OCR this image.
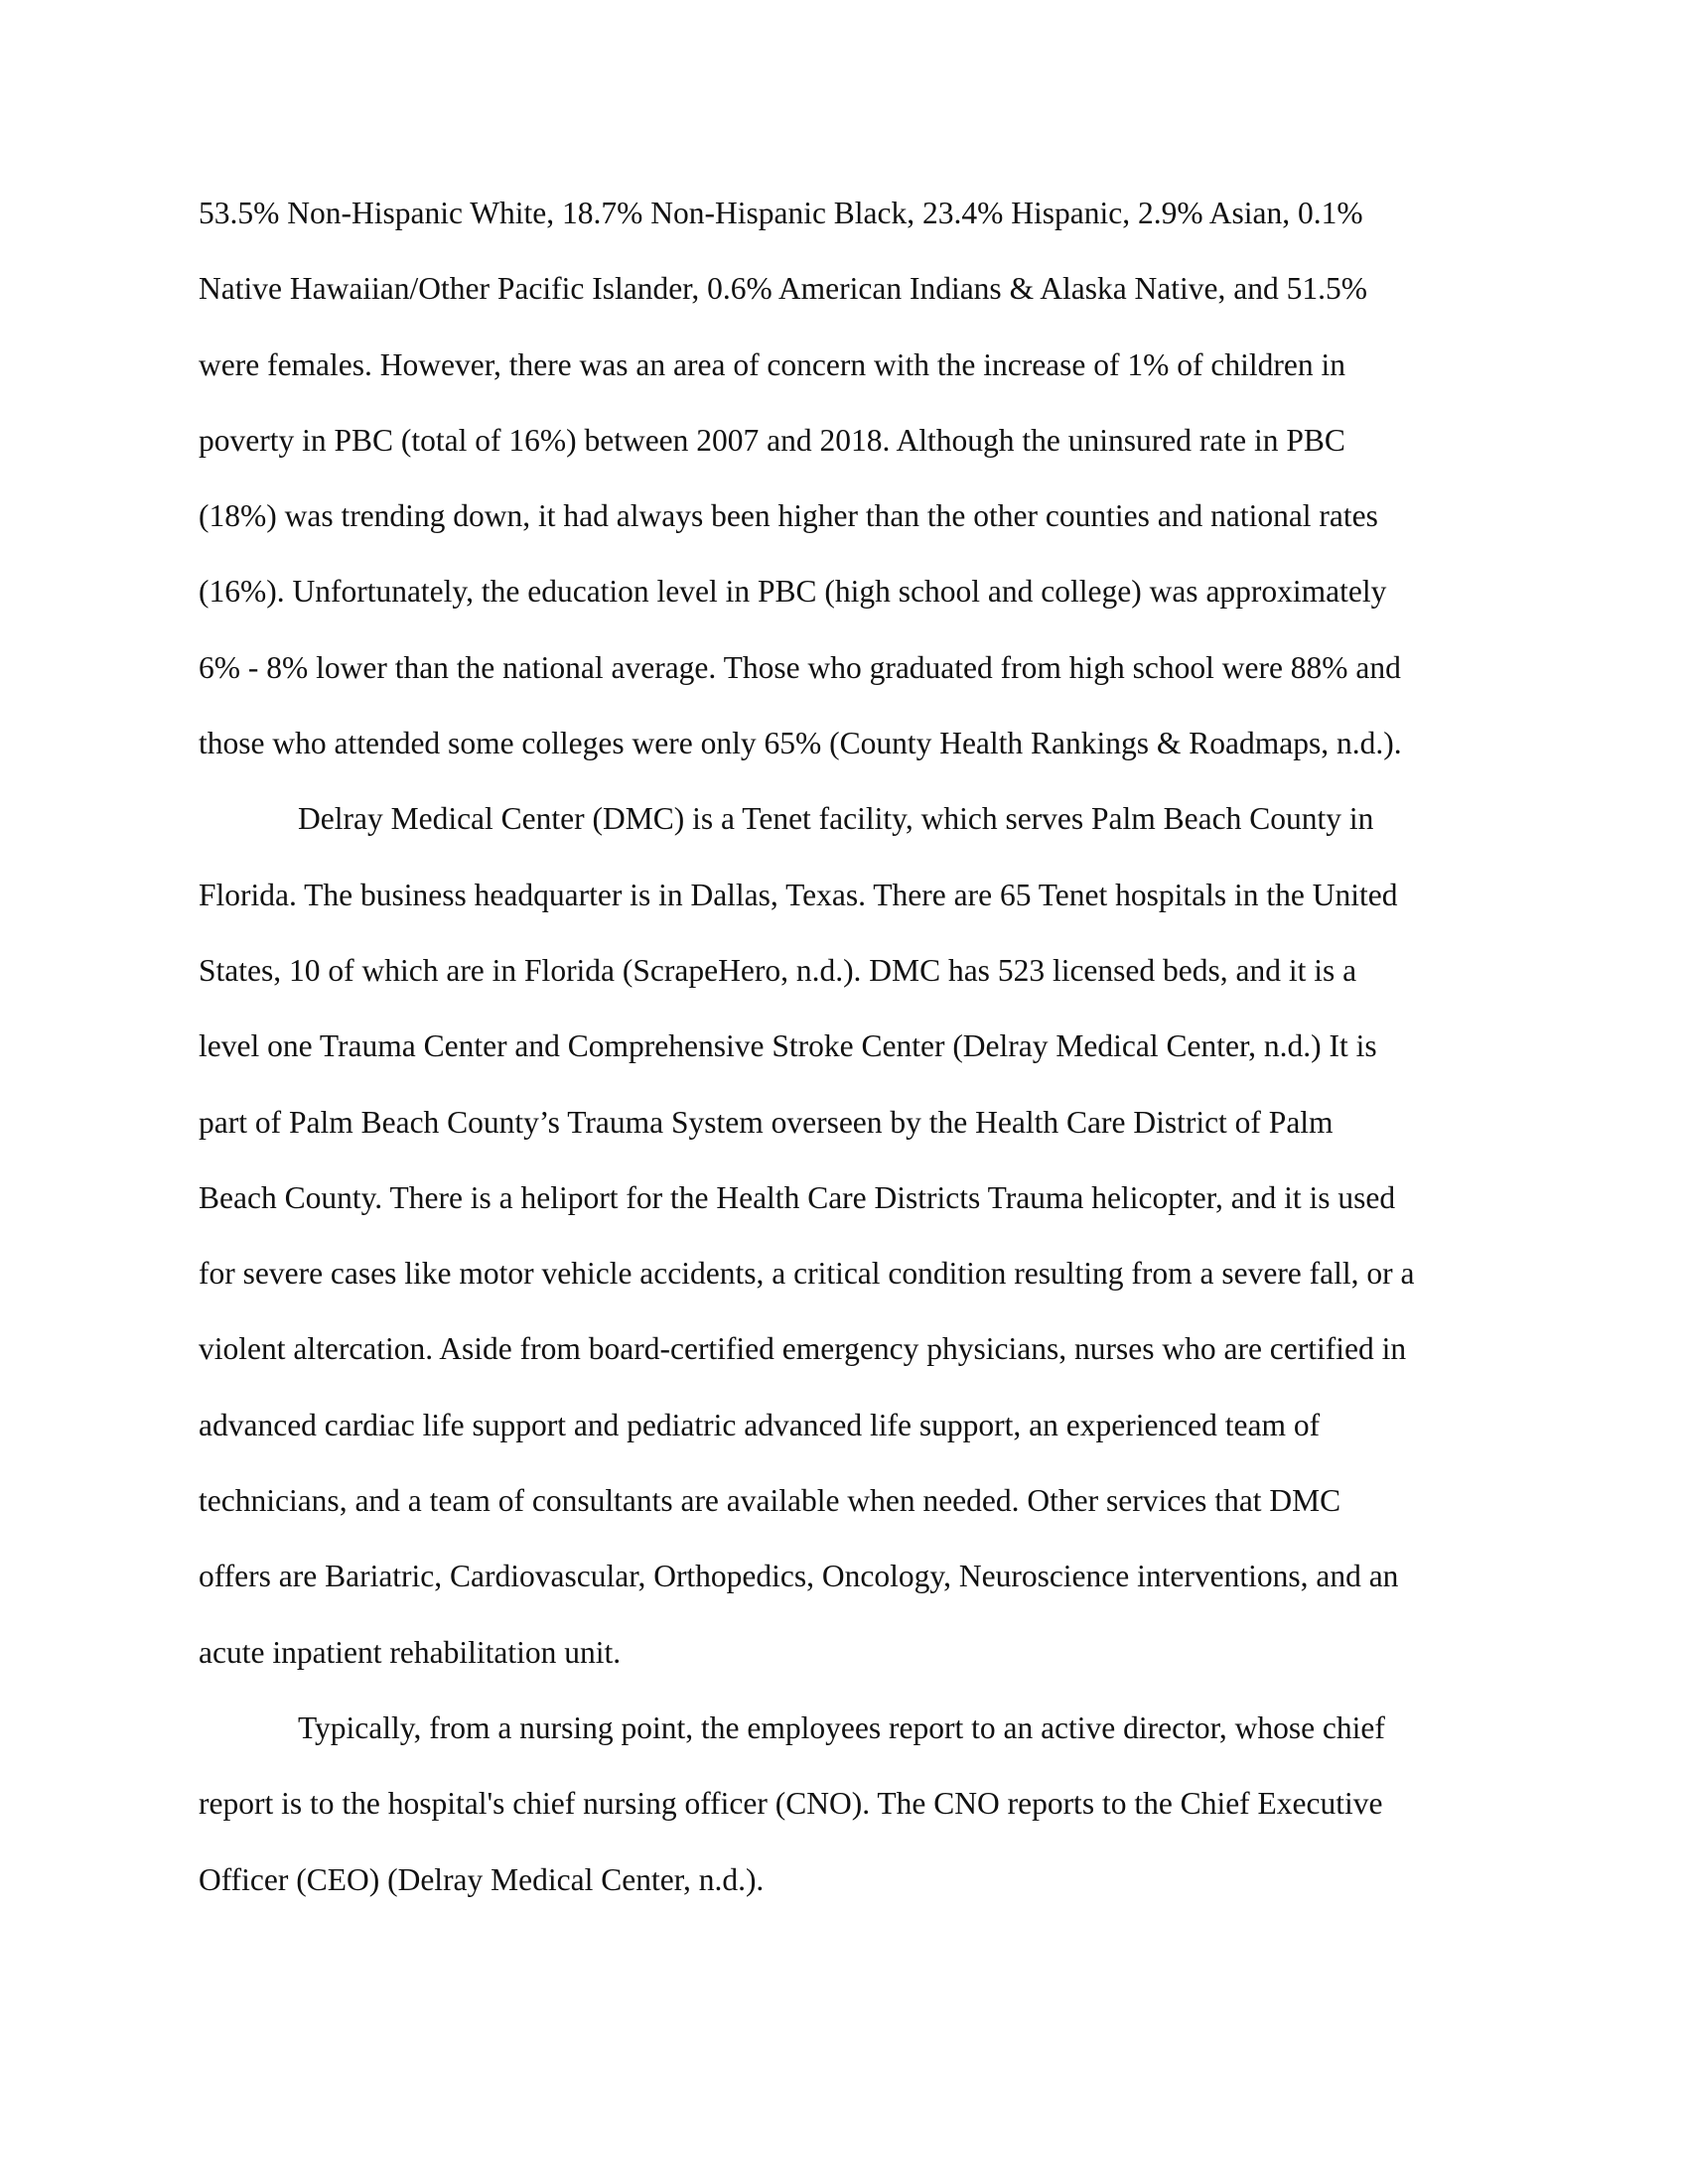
53.5% Non-Hispanic White, 18.7% Non-Hispanic Black, 23.4% Hispanic, 2.9% Asian, 0.1%
Native Hawaiian/Other Pacific Islander, 0.6% American Indians & Alaska Native, and 51.5%
were females. However, there was an area of concern with the increase of 1% of children in
poverty in PBC (total of 16%) between 2007 and 2018. Although the uninsured rate in PBC
(18%) was trending down, it had always been higher than the other counties and national rates
(16%). Unfortunately, the education level in PBC (high school and college) was approximately
6% - 8% lower than the national average. Those who graduated from high school were 88% and
those who attended some colleges were only 65% (County Health Rankings & Roadmaps, n.d.).
Delray Medical Center (DMC) is a Tenet facility, which serves Palm Beach County in
Florida. The business headquarter is in Dallas, Texas. There are 65 Tenet hospitals in the United
States, 10 of which are in Florida (ScrapeHero, n.d.). DMC has 523 licensed beds, and it is a
level one Trauma Center and Comprehensive Stroke Center (Delray Medical Center, n.d.) It is
part of Palm Beach County’s Trauma System overseen by the Health Care District of Palm
Beach County. There is a heliport for the Health Care Districts Trauma helicopter, and it is used
for severe cases like motor vehicle accidents, a critical condition resulting from a severe fall, or a
violent altercation. Aside from board-certified emergency physicians, nurses who are certified in
advanced cardiac life support and pediatric advanced life support, an experienced team of
technicians, and a team of consultants are available when needed. Other services that DMC
offers are Bariatric, Cardiovascular, Orthopedics, Oncology, Neuroscience interventions, and an
acute inpatient rehabilitation unit.
Typically, from a nursing point, the employees report to an active director, whose chief
report is to the hospital's chief nursing officer (CNO). The CNO reports to the Chief Executive
Officer (CEO) (Delray Medical Center, n.d.).
